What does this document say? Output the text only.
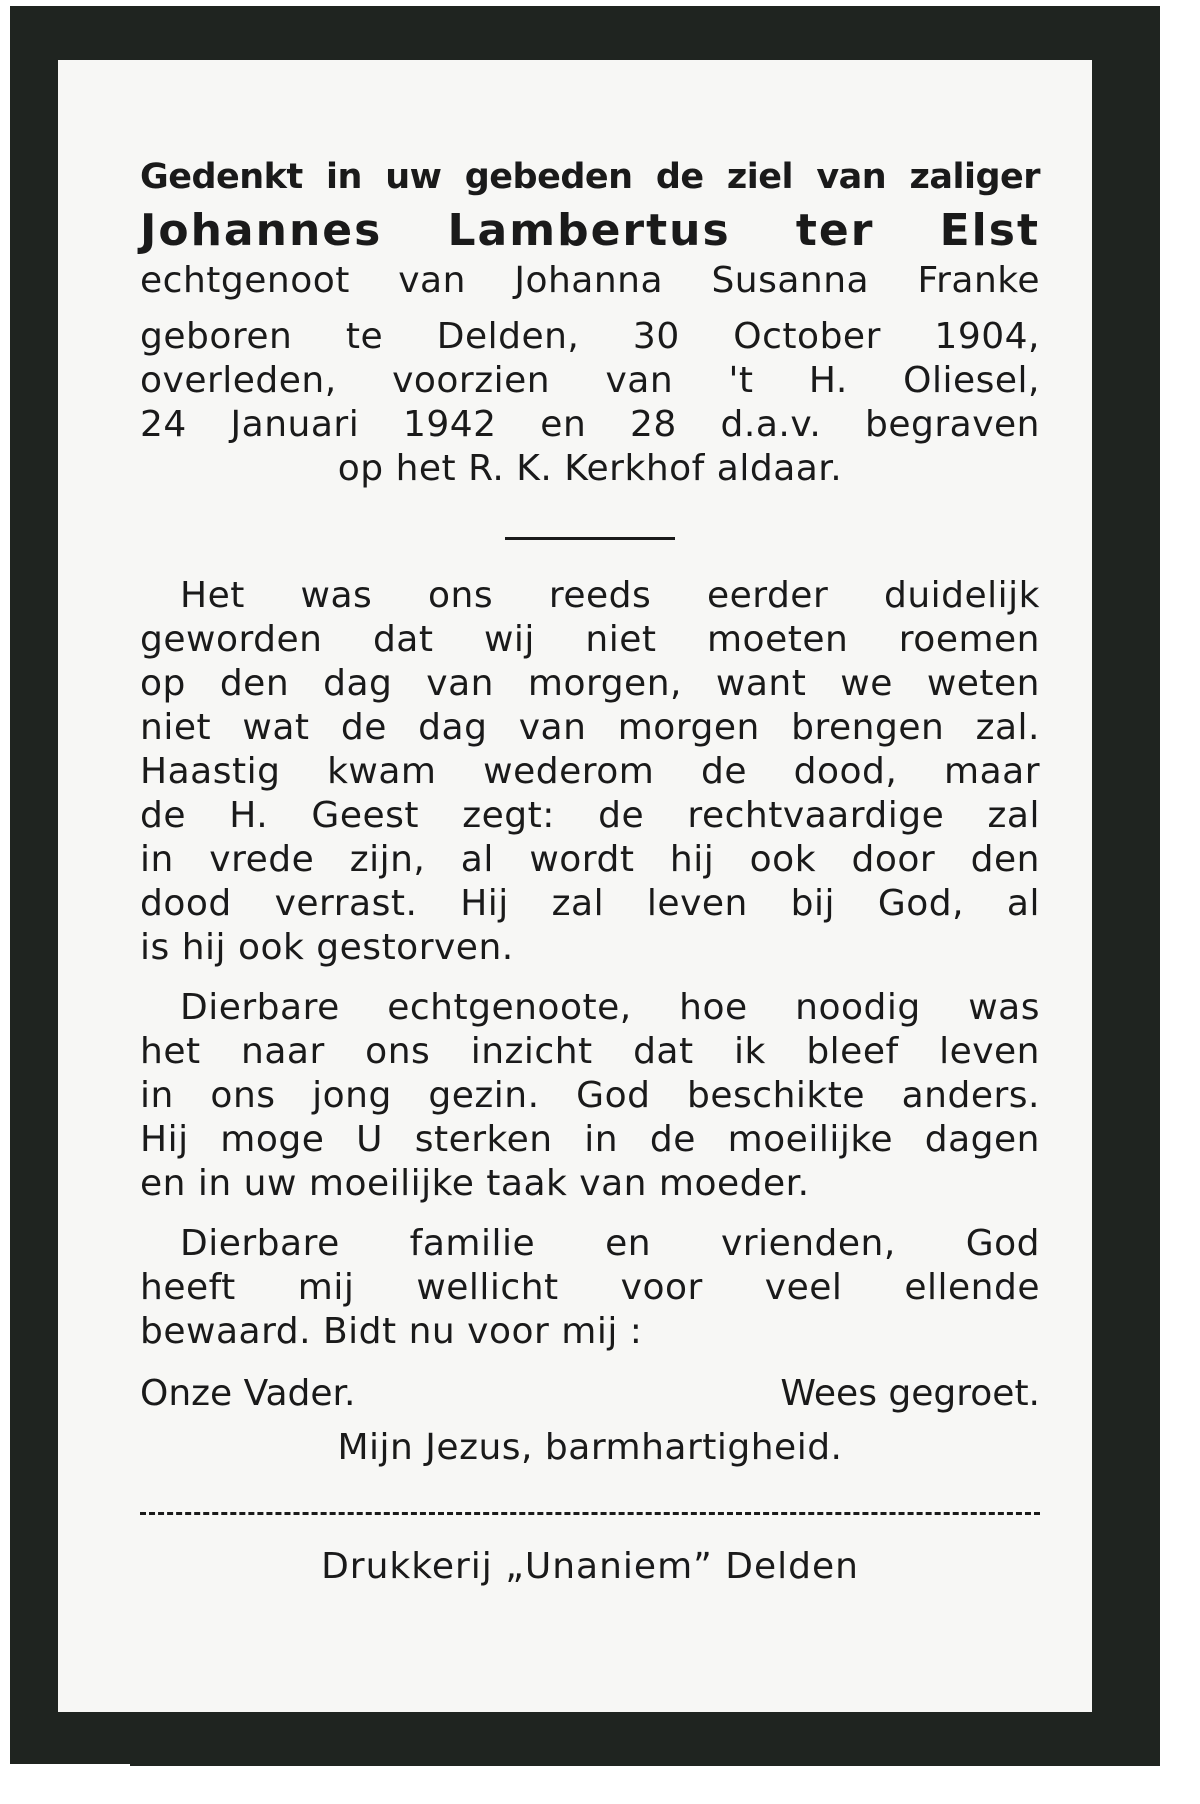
Gedenkt in uw gebeden de ziel van zaliger
Johannes Lambertus ter Elst
echtgenoot van Johanna Susanna Franke
geboren te Delden, 30 October 1904,
overleden, voorzien van 't H. Oliesel,
24 Januari 1942 en 28 d.a.v. begraven
op het R. K. Kerkhof aldaar.
Het was ons reeds eerder duidelijk
geworden dat wij niet moeten roemen
op den dag van morgen, want we weten
niet wat de dag van morgen brengen zal.
Haastig kwam wederom de dood, maar
de H. Geest zegt: de rechtvaardige zal
in vrede zijn, al wordt hij ook door den
dood verrast. Hij zal leven bij God, al
is hij ook gestorven.
Dierbare echtgenoote, hoe noodig was
het naar ons inzicht dat ik bleef leven
in ons jong gezin. God beschikte anders.
Hij moge U sterken in de moeilijke dagen
en in uw moeilijke taak van moeder.
Dierbare familie en vrienden, God
heeft mij wellicht voor veel ellende
bewaard. Bidt nu voor mij :
Onze Vader.	Wees gegroet.
Mijn Jezus, barmhartigheid.
Drukkerij „Unaniem” Delden
